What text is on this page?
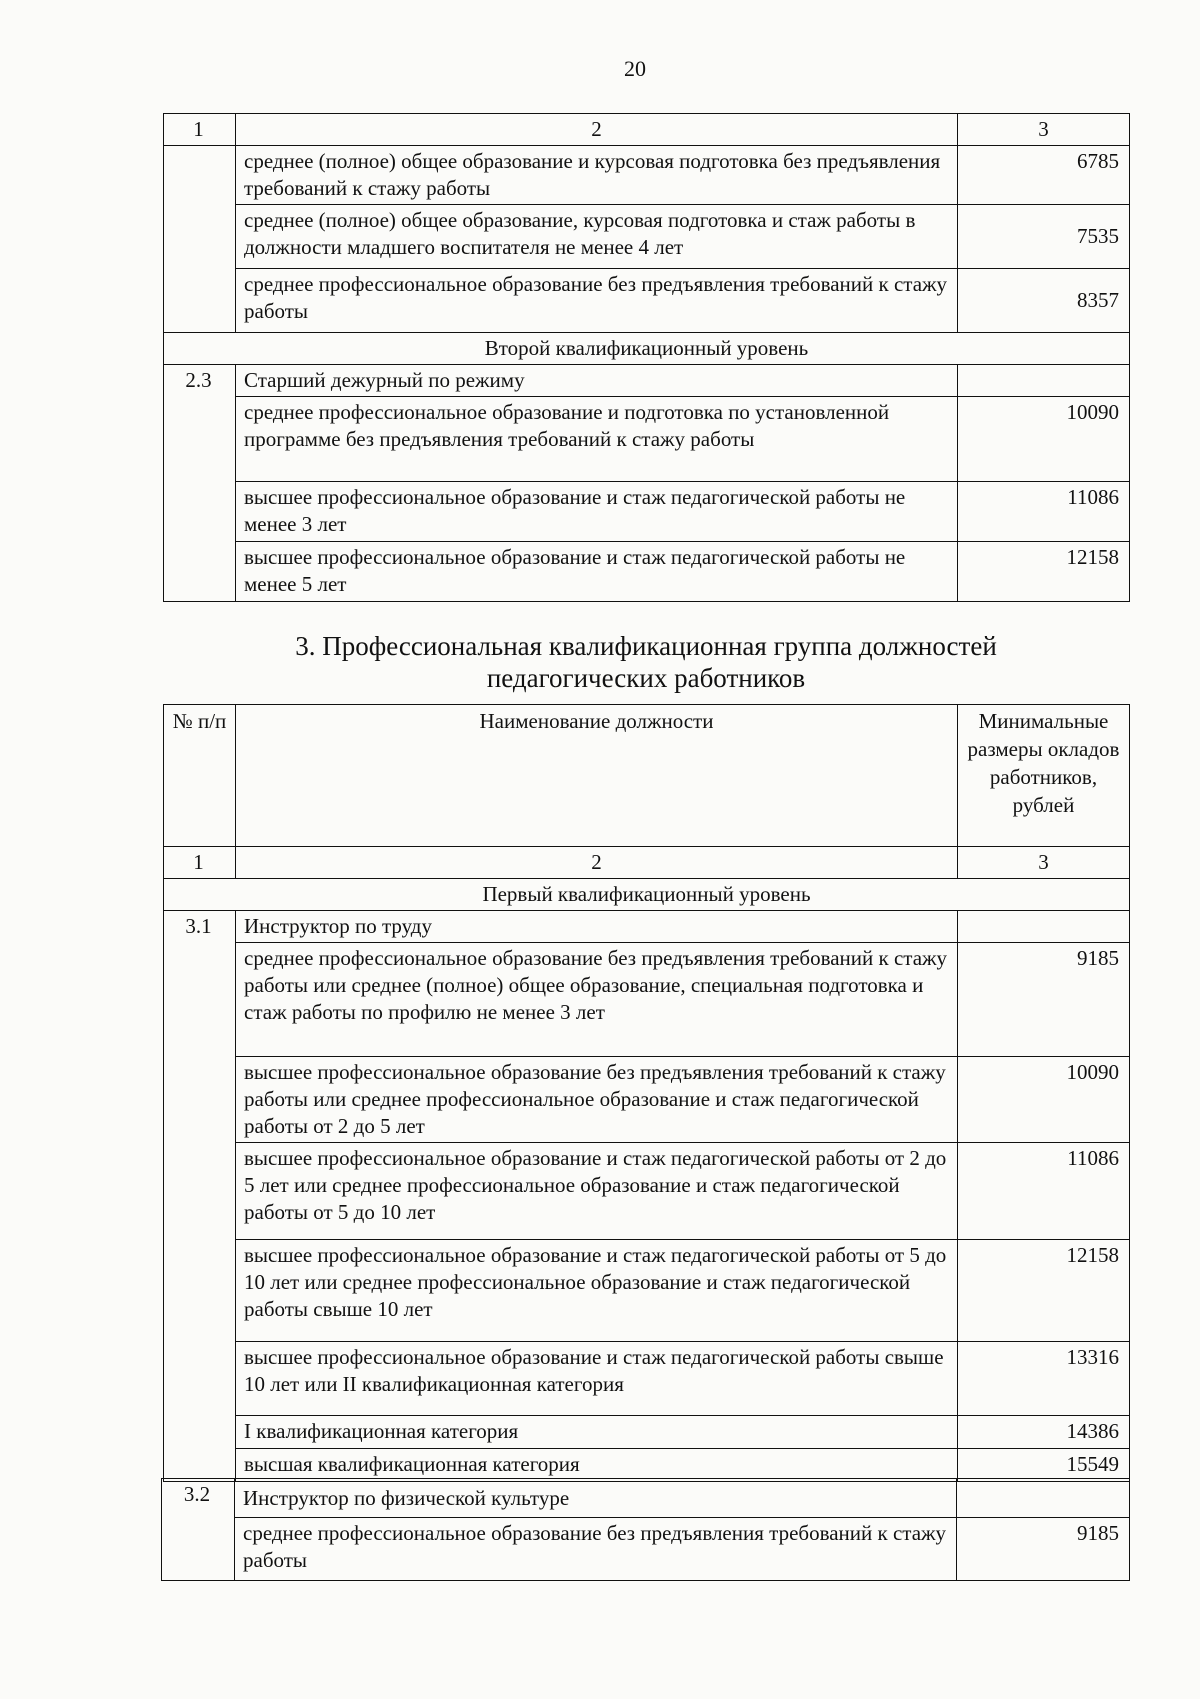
20
1	2	3
	среднее (полное) общее образование и курсовая подготовка без предъявления требований к стажу работы	6785
	среднее (полное) общее образование, курсовая подготовка и стаж работы в должности младшего воспитателя не менее 4 лет	7535
	среднее профессиональное образование без предъявления требований к стажу работы	8357
Второй квалификационный уровень		
2.3	Старший дежурный по режиму	
	среднее профессиональное образование и подготовка по установленной программе без предъявления требований к стажу работы	10090
	высшее профессиональное образование и стаж педагогической работы не менее 3 лет	11086
	высшее профессиональное образование и стаж педагогической работы не менее 5 лет	12158
3. Профессиональная квалификационная группа должностей
педагогических работников
№ п/п	Наименование должности	Минимальные размеры окладов работников, рублей
1	2	3
Первый квалификационный уровень		
3.1	Инструктор по труду	
	среднее профессиональное образование без предъявления требований к стажу работы или среднее (полное) общее образование, специальная подготовка и стаж работы по профилю не менее 3 лет	9185
	высшее профессиональное образование без предъявления требований к стажу работы или среднее профессиональное образование и стаж педагогической работы от 2 до 5 лет	10090
	высшее профессиональное образование и стаж педагогической работы от 2 до 5 лет или среднее профессиональное образование и стаж педагогической работы от 5 до 10 лет	11086
	высшее профессиональное образование и стаж педагогической работы от 5 до 10 лет или среднее профессиональное образование и стаж педагогической работы свыше 10 лет	12158
	высшее профессиональное образование и стаж педагогической работы свыше 10 лет или II квалификационная категория	13316
	I квалификационная категория	14386
	высшая квалификационная категория	15549
3.2	Инструктор по физической культуре	
	среднее профессиональное образование без предъявления требований к стажу работы	9185
